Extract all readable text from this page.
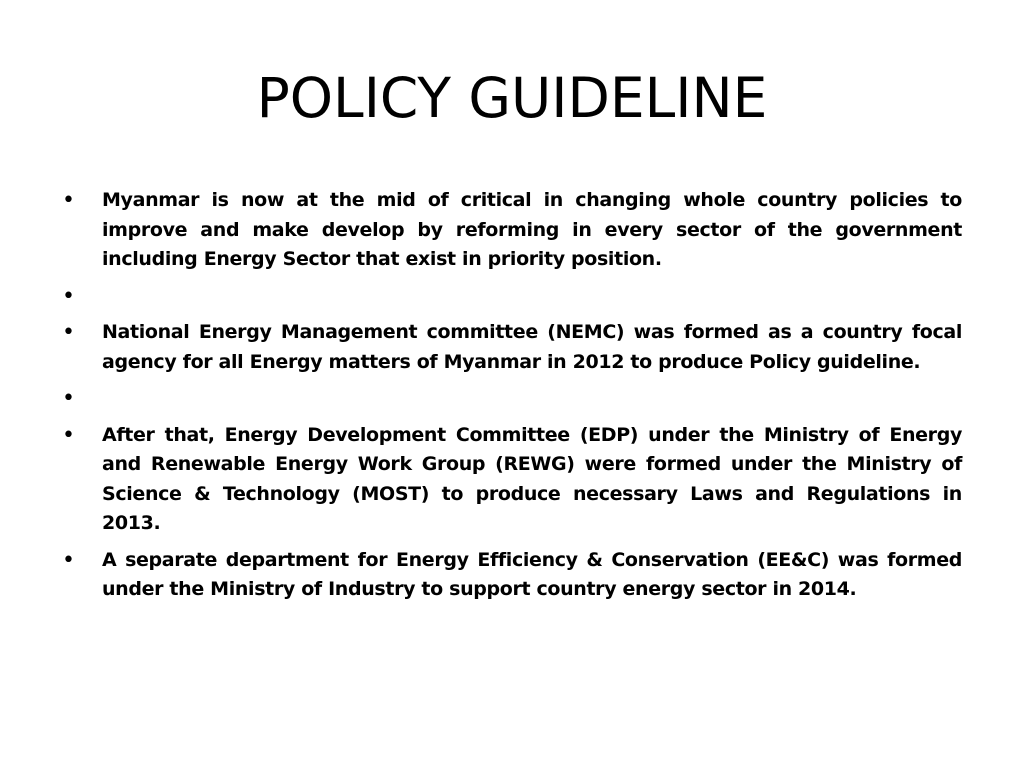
POLICY GUIDELINE
•	Myanmar is now at the mid of critical in changing whole country policies to improve and make develop by reforming in every sector of the government including Energy Sector that exist in priority position.
•
•	National Energy Management committee (NEMC) was formed as a country focal agency for all Energy matters of Myanmar in 2012 to produce Policy guideline.
•
•	After that, Energy Development Committee (EDP) under the Ministry of Energy and Renewable Energy Work Group (REWG) were formed under the Ministry of Science & Technology (MOST) to produce necessary Laws and Regulations in 2013.
•	A separate department for Energy Efficiency & Conservation (EE&C) was formed under the Ministry of Industry to support country energy sector in 2014.
